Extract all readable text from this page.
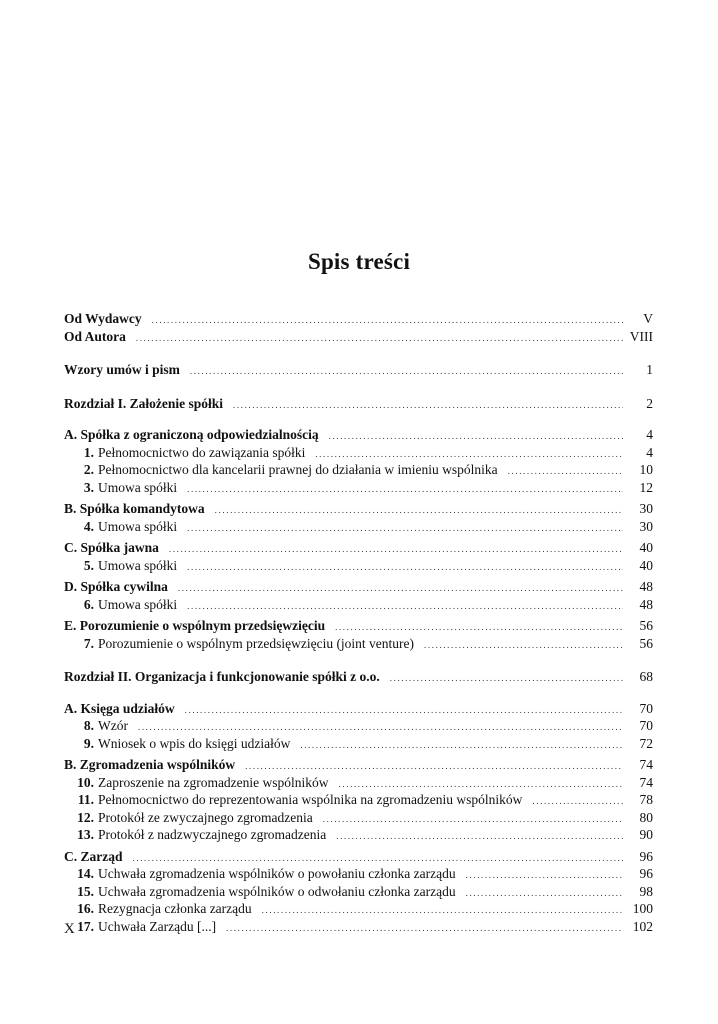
Spis treści
Od Wydawcy .....	V
Od Autora .....	VIII
Wzory umów i pism .....	1
Rozdział I. Założenie spółki .....	2
A. Spółka z ograniczoną odpowiedzialnością .....	4
1. Pełnomocnictwo do zawiązania spółki .....	4
2. Pełnomocnictwo dla kancelarii prawnej do działania w imieniu wspólnika .....	10
3. Umowa spółki .....	12
B. Spółka komandytowa .....	30
4. Umowa spółki .....	30
C. Spółka jawna .....	40
5. Umowa spółki .....	40
D. Spółka cywilna .....	48
6. Umowa spółki .....	48
E. Porozumienie o wspólnym przedsięwzięciu .....	56
7. Porozumienie o wspólnym przedsięwzięciu (joint venture) .....	56
Rozdział II. Organizacja i funkcjonowanie spółki z o.o. .....	68
A. Księga udziałów .....	70
8. Wzór .....	70
9. Wniosek o wpis do księgi udziałów .....	72
B. Zgromadzenia wspólników .....	74
10. Zaproszenie na zgromadzenie wspólników .....	74
11. Pełnomocnictwo do reprezentowania wspólnika na zgromadzeniu wspólników .....	78
12. Protokół ze zwyczajnego zgromadzenia .....	80
13. Protokół z nadzwyczajnego zgromadzenia .....	90
C. Zarząd .....	96
14. Uchwała zgromadzenia wspólników o powołaniu członka zarządu .....	96
15. Uchwała zgromadzenia wspólników o odwołaniu członka zarządu .....	98
16. Rezygnacja członka zarządu .....	100
17. Uchwała Zarządu [...] .....	102
X
